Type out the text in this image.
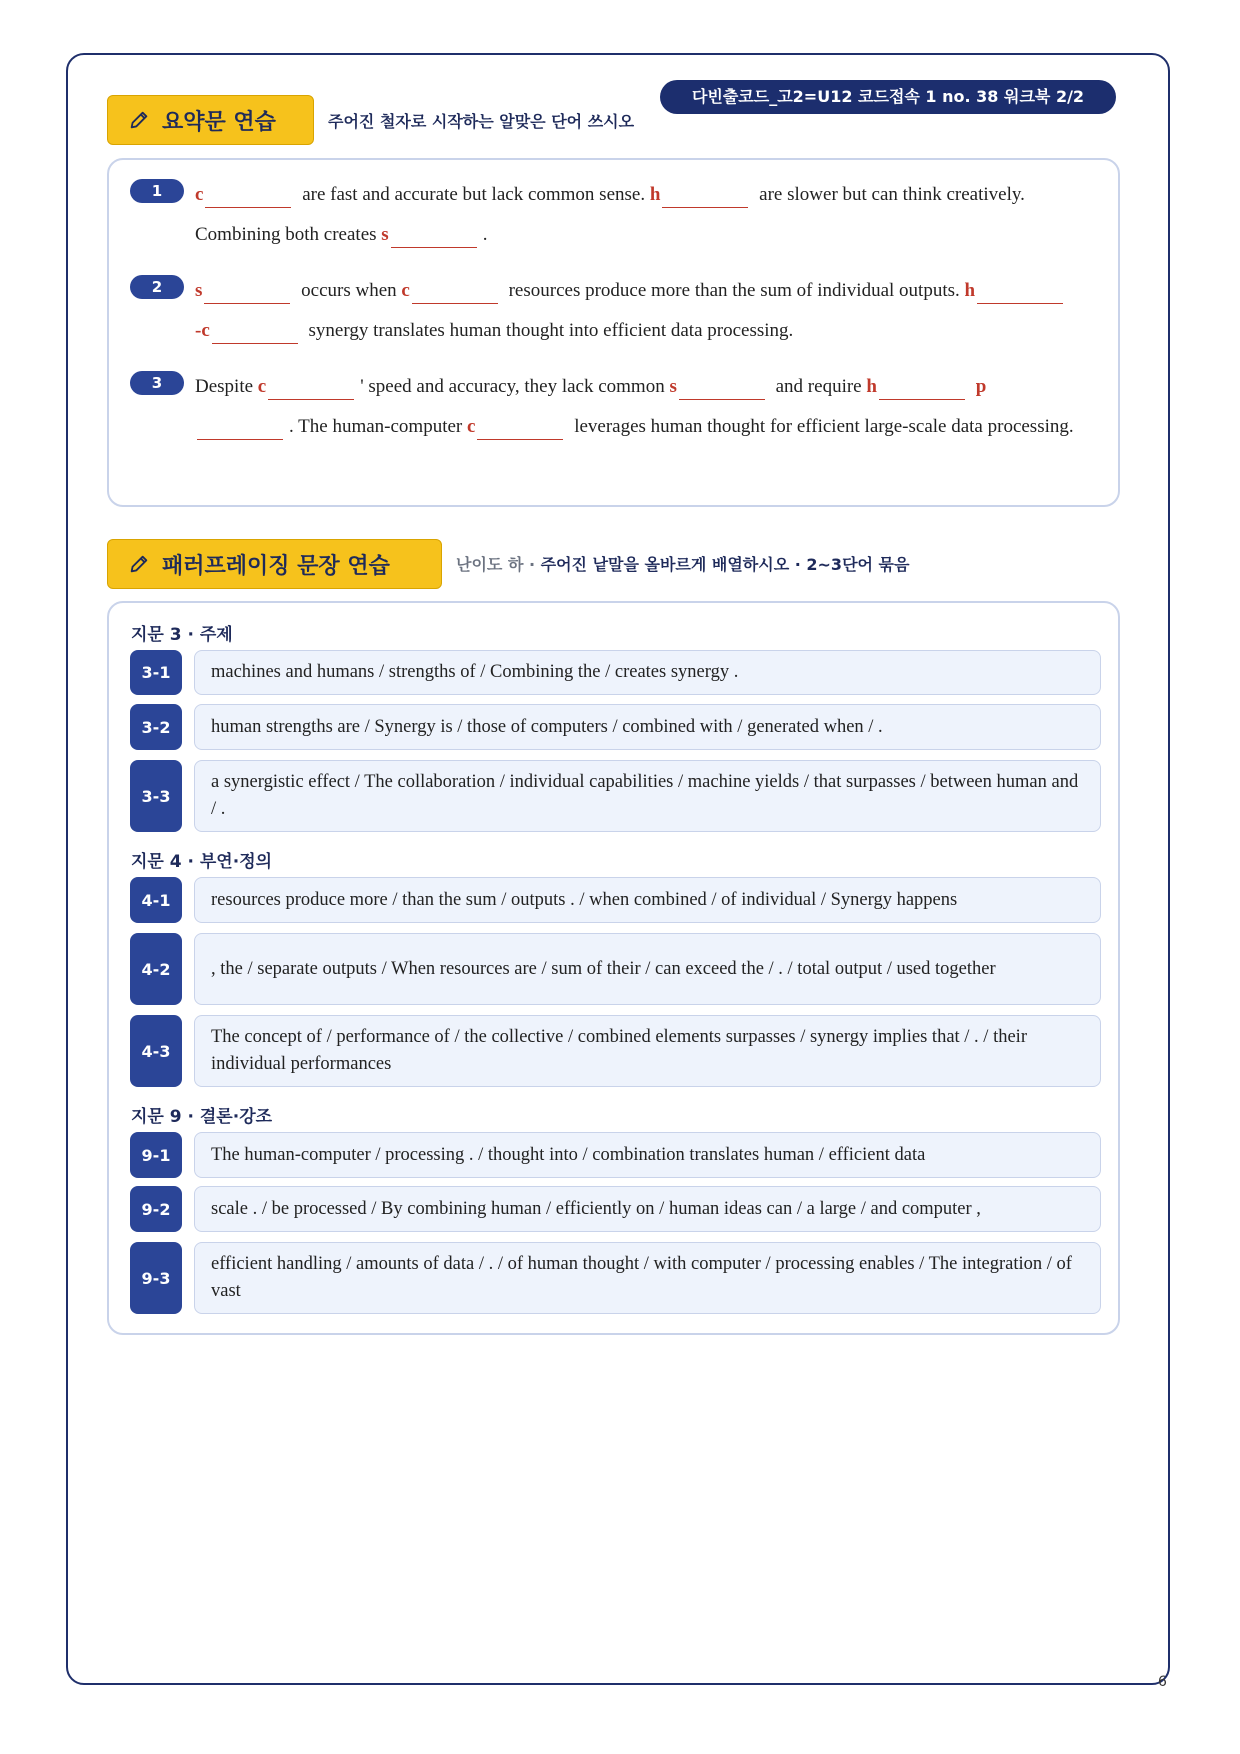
다빈출코드_고2=U12 코드접속 1 no. 38 워크북 2/2
요약문 연습	주어진 철자로 시작하는 알맞은 단어 쓰시오
1	c	are fast and accurate but lack common sense. h	are slower but can think creatively. Combining both creates s	.
2	s	occurs when c	resources produce more than the sum of individual outputs. h-c	synergy translates human thought into efficient data processing.
3	Despite c	' speed and accuracy, they lack common s	and require h	p. The human-computer c	leverages human thought for efficient large-scale data processing.
패러프레이징 문장 연습	난이도 하 · 주어진 낱말을 올바르게 배열하시오 · 2~3단어 묶음
지문 3 · 주제
3-1	machines and humans / strengths of / Combining the / creates synergy .
3-2	human strengths are / Synergy is / those of computers / combined with / generated when / .
3-3
a synergistic effect / The collaboration / individual capabilities / machine yields / that surpasses / between human and / .
지문 4 · 부연·정의
4-1	resources produce more / than the sum / outputs . / when combined / of individual / Synergy happens
4-2	, the / separate outputs / When resources are / sum of their / can exceed the / . / total output / used together
4-3
The concept of / performance of / the collective / combined elements surpasses / synergy implies that / . / their individual performances
지문 9 · 결론·강조
9-1	The human-computer / processing . / thought into / combination translates human / efficient data
9-2	scale . / be processed / By combining human / efficiently on / human ideas can / a large / and computer ,
9-3
efficient handling / amounts of data / . / of human thought / with computer / processing enables / The integration / of vast
6
